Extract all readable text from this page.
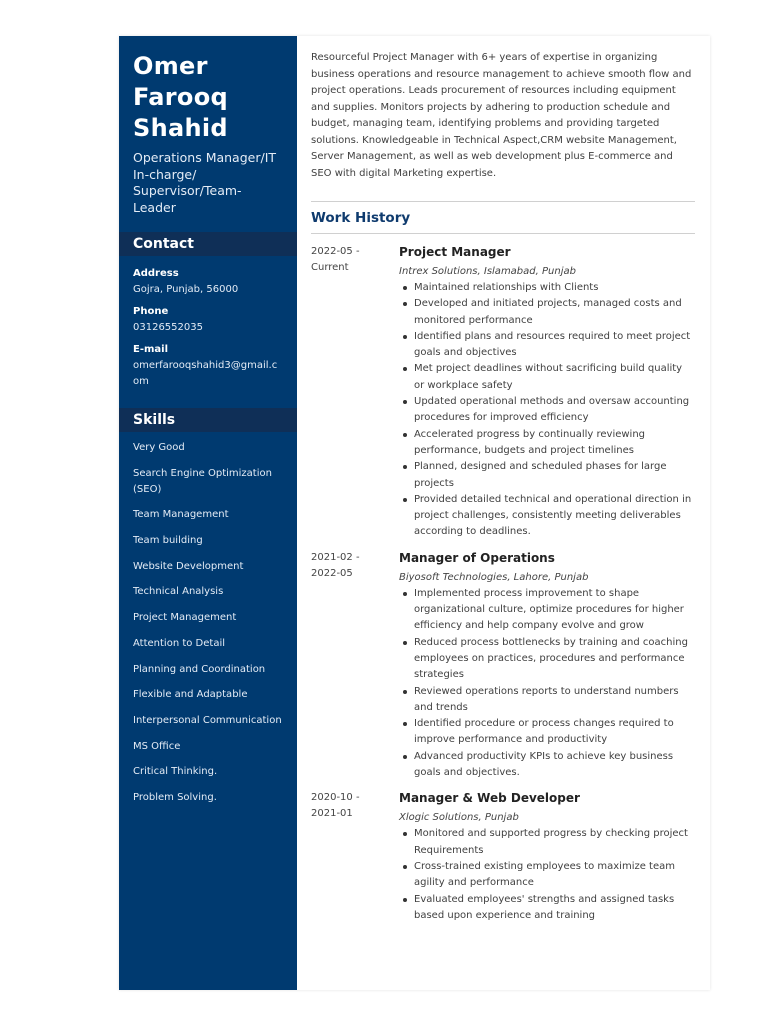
Omer
Farooq
Shahid
Operations Manager/IT In-charge/ Supervisor/Team-Leader
Contact
Address
Gojra, Punjab, 56000
Phone
03126552035
E-mail
omerfarooqshahid3@gmail.com
Skills
Very Good
Search Engine Optimization (SEO)
Team Management
Team building
Website Development
Technical Analysis
Project Management
Attention to Detail
Planning and Coordination
Flexible and Adaptable
Interpersonal Communication
MS Office
Critical Thinking.
Problem Solving.

Resourceful Project Manager with 6+ years of expertise in organizing business operations and resource management to achieve smooth flow and project operations. Leads procurement of resources including equipment and supplies. Monitors projects by adhering to production schedule and budget, managing team, identifying problems and providing targeted solutions. Knowledgeable in Technical Aspect,CRM website Management, Server Management, as well as web development plus E-commerce and SEO with digital Marketing expertise.

Work History
2022-05 -
Current
Project Manager
Intrex Solutions, Islamabad, Punjab
Maintained relationships with Clients
Developed and initiated projects, managed costs and monitored performance
Identified plans and resources required to meet project goals and objectives
Met project deadlines without sacrificing build quality or workplace safety
Updated operational methods and oversaw accounting procedures for improved efficiency
Accelerated progress by continually reviewing performance, budgets and project timelines
Planned, designed and scheduled phases for large projects
Provided detailed technical and operational direction in project challenges, consistently meeting deliverables according to deadlines.
2021-02 -
2022-05
Manager of Operations
Biyosoft Technologies, Lahore, Punjab
Implemented process improvement to shape organizational culture, optimize procedures for higher efficiency and help company evolve and grow
Reduced process bottlenecks by training and coaching employees on practices, procedures and performance strategies
Reviewed operations reports to understand numbers and trends
Identified procedure or process changes required to improve performance and productivity
Advanced productivity KPIs to achieve key business goals and objectives.
2020-10 -
2021-01
Manager & Web Developer
Xlogic Solutions, Punjab
Monitored and supported progress by checking project Requirements
Cross-trained existing employees to maximize team agility and performance
Evaluated employees' strengths and assigned tasks based upon experience and training
